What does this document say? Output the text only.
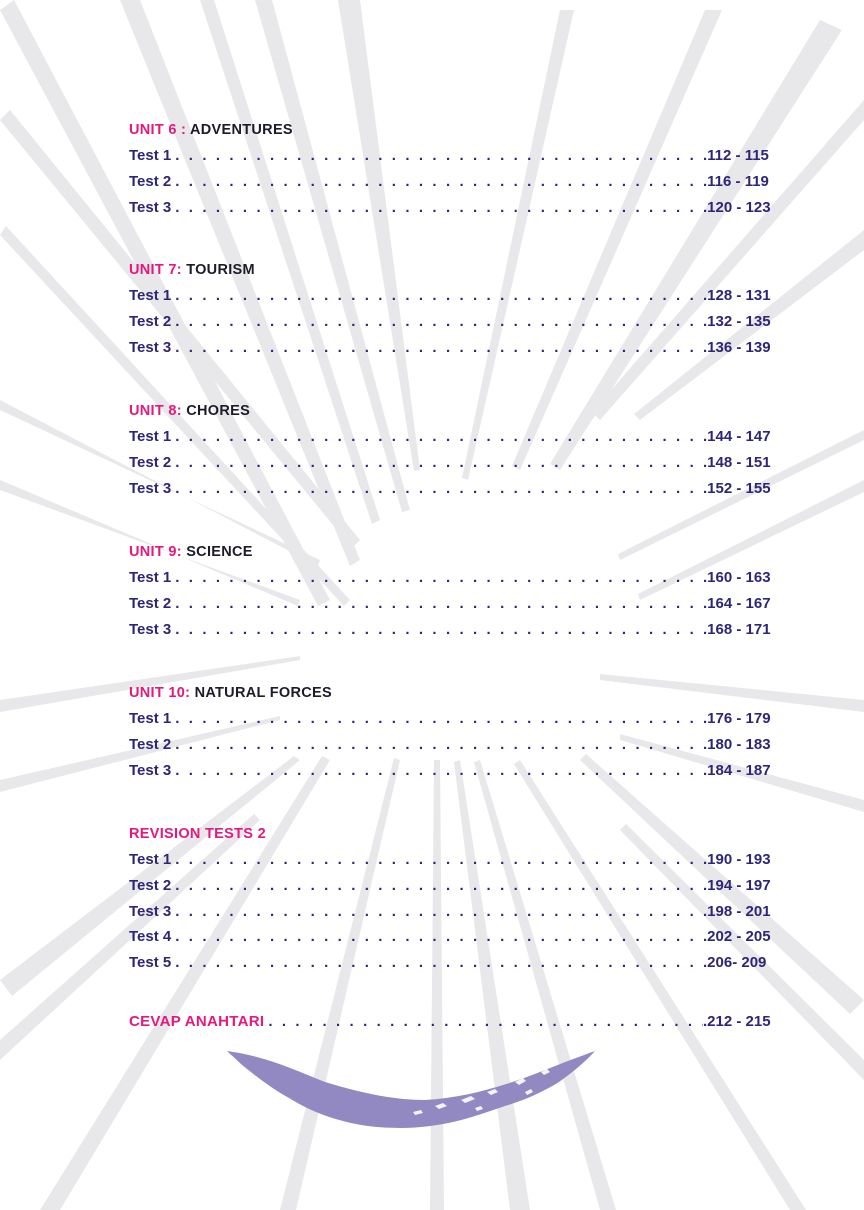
UNIT 6 : ADVENTURES
Test 1 . . .	.112 - 115
Test 2 . . .	.116 - 119
Test 3 . . .	.120 - 123
UNIT 7: TOURISM
Test 1 . . .	.128 - 131
Test 2 . . .	.132 - 135
Test 3 . . .	.136 - 139
UNIT 8: CHORES
Test 1 . . .	.144 - 147
Test 2 . . .	.148 - 151
Test 3 . . .	.152 - 155
UNIT 9: SCIENCE
Test 1 . . .	.160 - 163
Test 2 . . .	.164 - 167
Test 3 . . .	.168 - 171
UNIT 10: NATURAL FORCES
Test 1 . . .	.176 - 179
Test 2 . . .	.180 - 183
Test 3 . . .	.184 - 187
REVISION TESTS 2
Test 1 . . .	.190 - 193
Test 2 . . .	.194 - 197
Test 3 . . .	.198 - 201
Test 4 . . .	.202 - 205
Test 5 . . .	.206- 209
CEVAP ANAHTARI . . .	.212 - 215
